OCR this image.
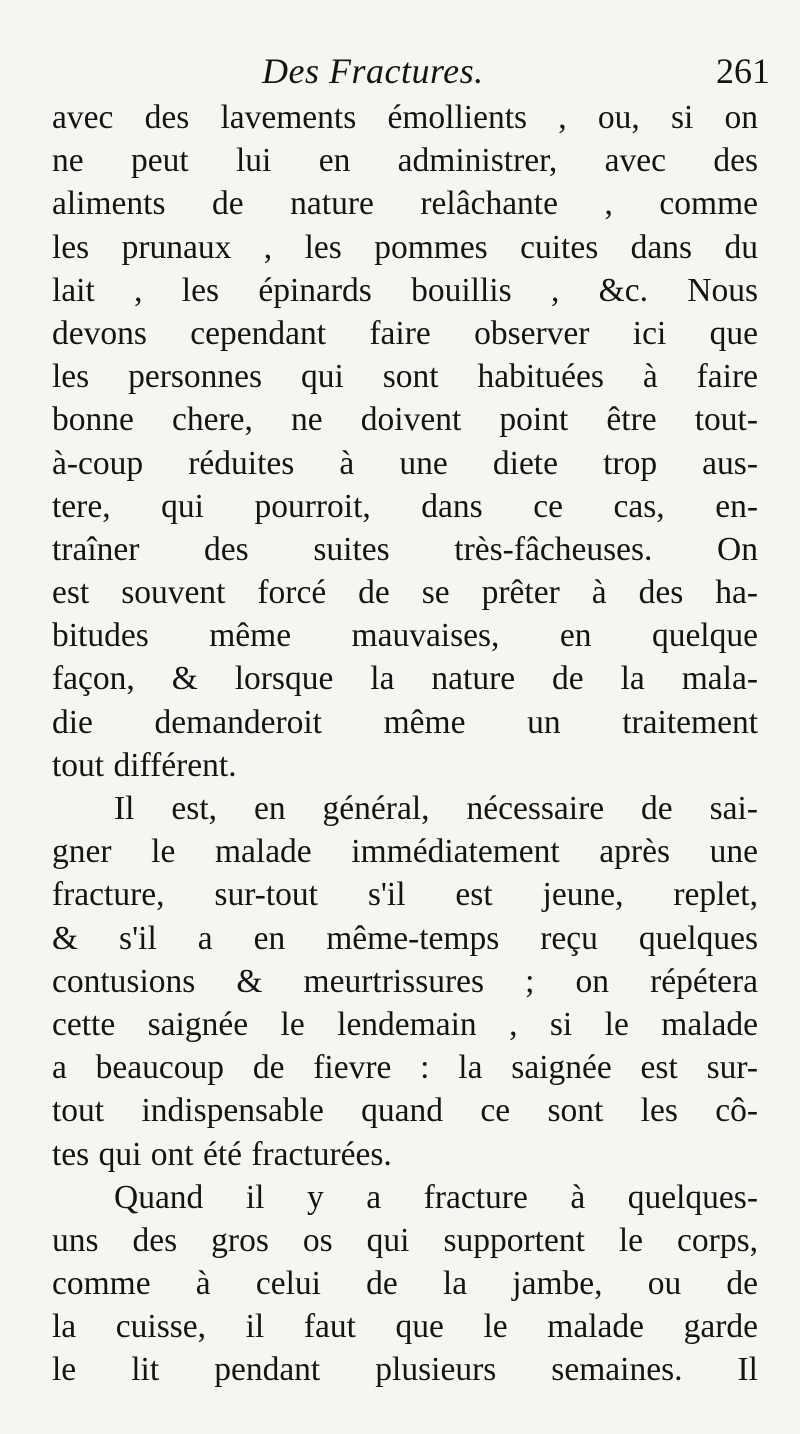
Des Fractures.	261

avec des lavements émollients , ou, si on
ne peut lui en administrer, avec des
aliments de nature relâchante , comme
les prunaux , les pommes cuites dans du
lait , les épinards bouillis , &c. Nous
devons cependant faire observer ici que
les personnes qui sont habituées à faire
bonne chere, ne doivent point être tout-
à-coup réduites à une diete trop aus-
tere, qui pourroit, dans ce cas, en-
traîner des suites très-fâcheuses. On
est souvent forcé de se prêter à des ha-
bitudes même mauvaises, en quelque
façon, & lorsque la nature de la mala-
die demanderoit même un traitement
tout différent.

Il est, en général, nécessaire de sai-
gner le malade immédiatement après une
fracture, sur-tout s'il est jeune, replet,
& s'il a en même-temps reçu quelques
contusions & meurtrissures ; on répétera
cette saignée le lendemain , si le malade
a beaucoup de fievre : la saignée est sur-
tout indispensable quand ce sont les cô-
tes qui ont été fracturées.

Quand il y a fracture à quelques-
uns des gros os qui supportent le corps,
comme à celui de la jambe, ou de
la cuisse, il faut que le malade garde
le lit pendant plusieurs semaines. Il
